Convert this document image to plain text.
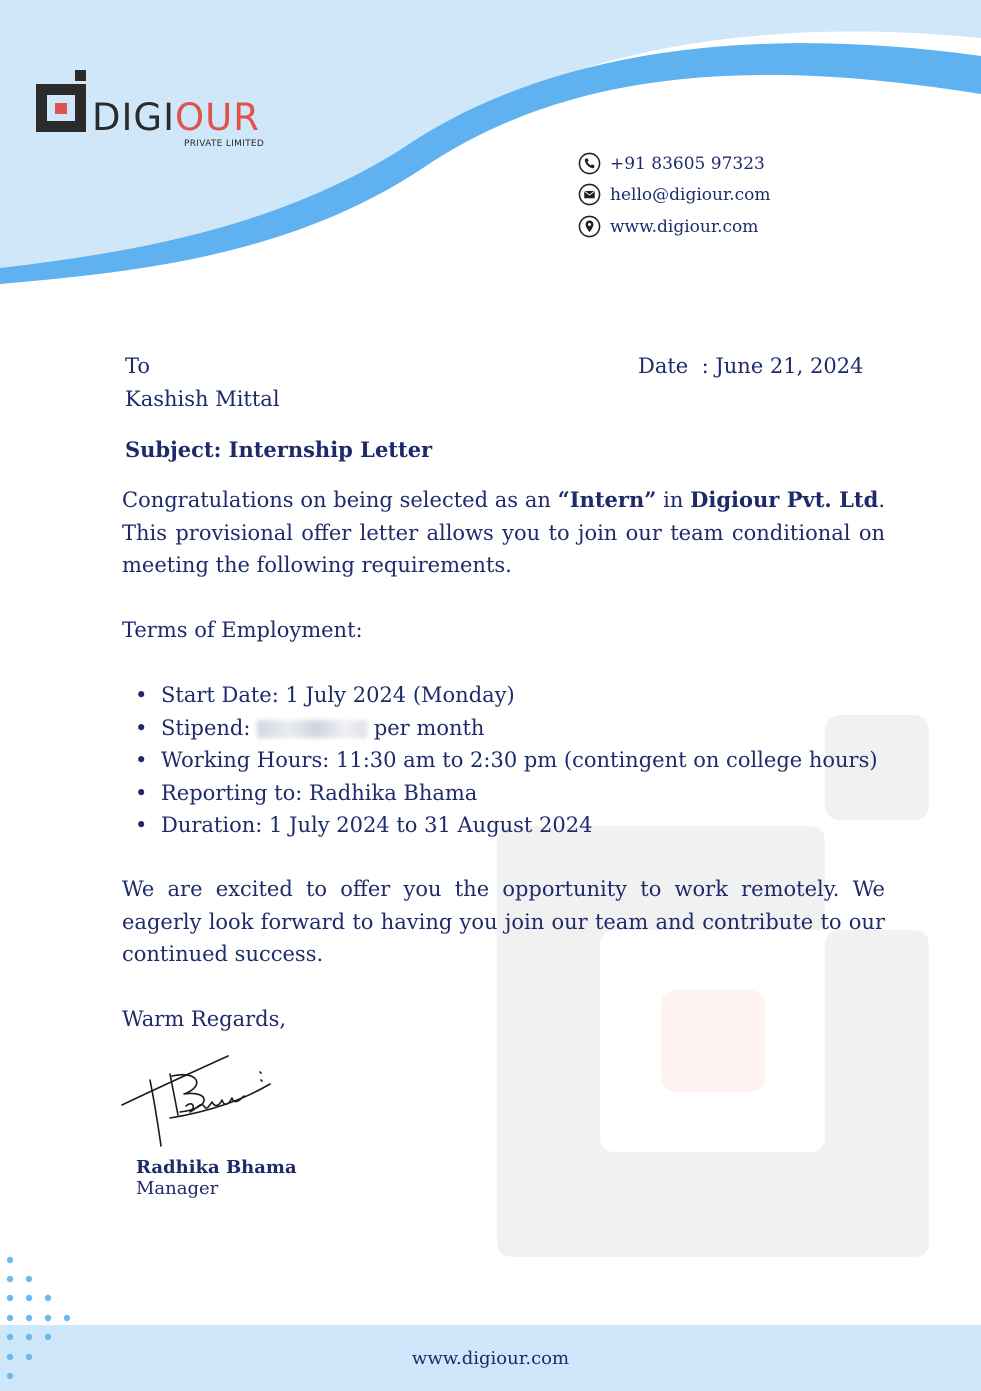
DIGIOUR
PRIVATE LIMITED
+91 83605 97323
hello@digiour.com
www.digiour.com
To
Kashish Mittal
Date : June 21, 2024
Subject: Internship Letter
Congratulations on being selected as an “Intern” in Digiour Pvt. Ltd. This provisional offer letter allows you to join our team conditional on meeting the following requirements.
Terms of Employment:
• Start Date: 1 July 2024 (Monday)
• Stipend:	per month
• Working Hours: 11:30 am to 2:30 pm (contingent on college hours)
• Reporting to: Radhika Bhama
• Duration: 1 July 2024 to 31 August 2024
We are excited to offer you the opportunity to work remotely. We eagerly look forward to having you join our team and contribute to our continued success.
Warm Regards,
Radhika Bhama
Manager
www.digiour.com
